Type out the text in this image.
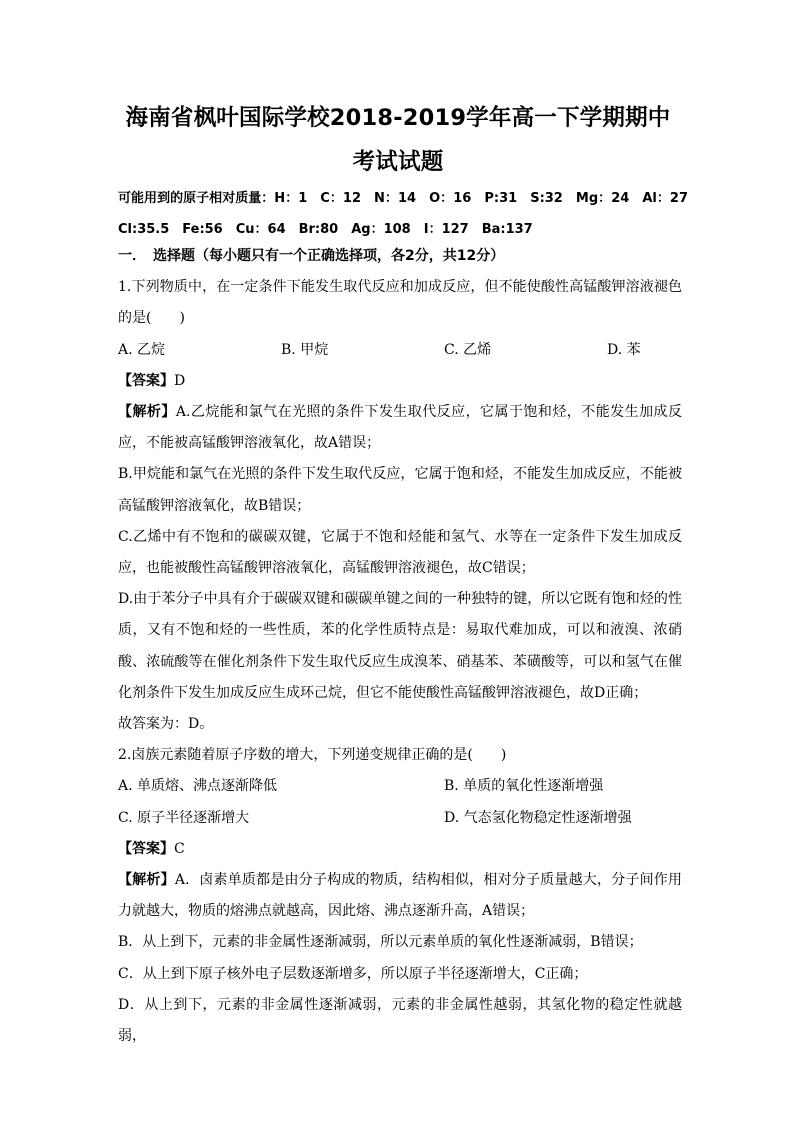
海南省枫叶国际学校2018-2019学年高一下学期期中考试试题
可能用到的原子相对质量：H：1　C：12　N：14　O：16　P:31　S:32　Mg：24　Al：27　Cl:35.5　Fe:56　Cu：64　Br:80　Ag：108　I：127　Ba:137
一．　选择题（每小题只有一个正确选择项，各2分，共12分）

1.下列物质中，在一定条件下能发生取代反应和加成反应，但不能使酸性高锰酸钾溶液褪色的是(　　)

A. 乙烷	B. 甲烷	C. 乙烯	D. 苯
【答案】D

【解析】A.乙烷能和氯气在光照的条件下发生取代反应，它属于饱和烃，不能发生加成反应，不能被高锰酸钾溶液氧化，故A错误；

B.甲烷能和氯气在光照的条件下发生取代反应，它属于饱和烃，不能发生加成反应，不能被高锰酸钾溶液氧化，故B错误；

C.乙烯中有不饱和的碳碳双键，它属于不饱和烃能和氢气、水等在一定条件下发生加成反应，也能被酸性高锰酸钾溶液氧化，高锰酸钾溶液褪色，故C错误；

D.由于苯分子中具有介于碳碳双键和碳碳单键之间的一种独特的键，所以它既有饱和烃的性质，又有不饱和烃的一些性质，苯的化学性质特点是：易取代难加成，可以和液溴、浓硝酸、浓硫酸等在催化剂条件下发生取代反应生成溴苯、硝基苯、苯磺酸等，可以和氢气在催化剂条件下发生加成反应生成环己烷，但它不能使酸性高锰酸钾溶液褪色，故D正确；

故答案为：D。

2.卤族元素随着原子序数的增大，下列递变规律正确的是(　　)

A. 单质熔、沸点逐渐降低	B. 单质的氧化性逐渐增强
C. 原子半径逐渐增大	D. 气态氢化物稳定性逐渐增强
【答案】C

【解析】A．卤素单质都是由分子构成的物质，结构相似，相对分子质量越大，分子间作用力就越大，物质的熔沸点就越高，因此熔、沸点逐渐升高，A错误；

B．从上到下，元素的非金属性逐渐减弱，所以元素单质的氧化性逐渐减弱，B错误；

C．从上到下原子核外电子层数逐渐增多，所以原子半径逐渐增大，C正确；

D．从上到下，元素的非金属性逐渐减弱，元素的非金属性越弱，其氢化物的稳定性就越弱，
